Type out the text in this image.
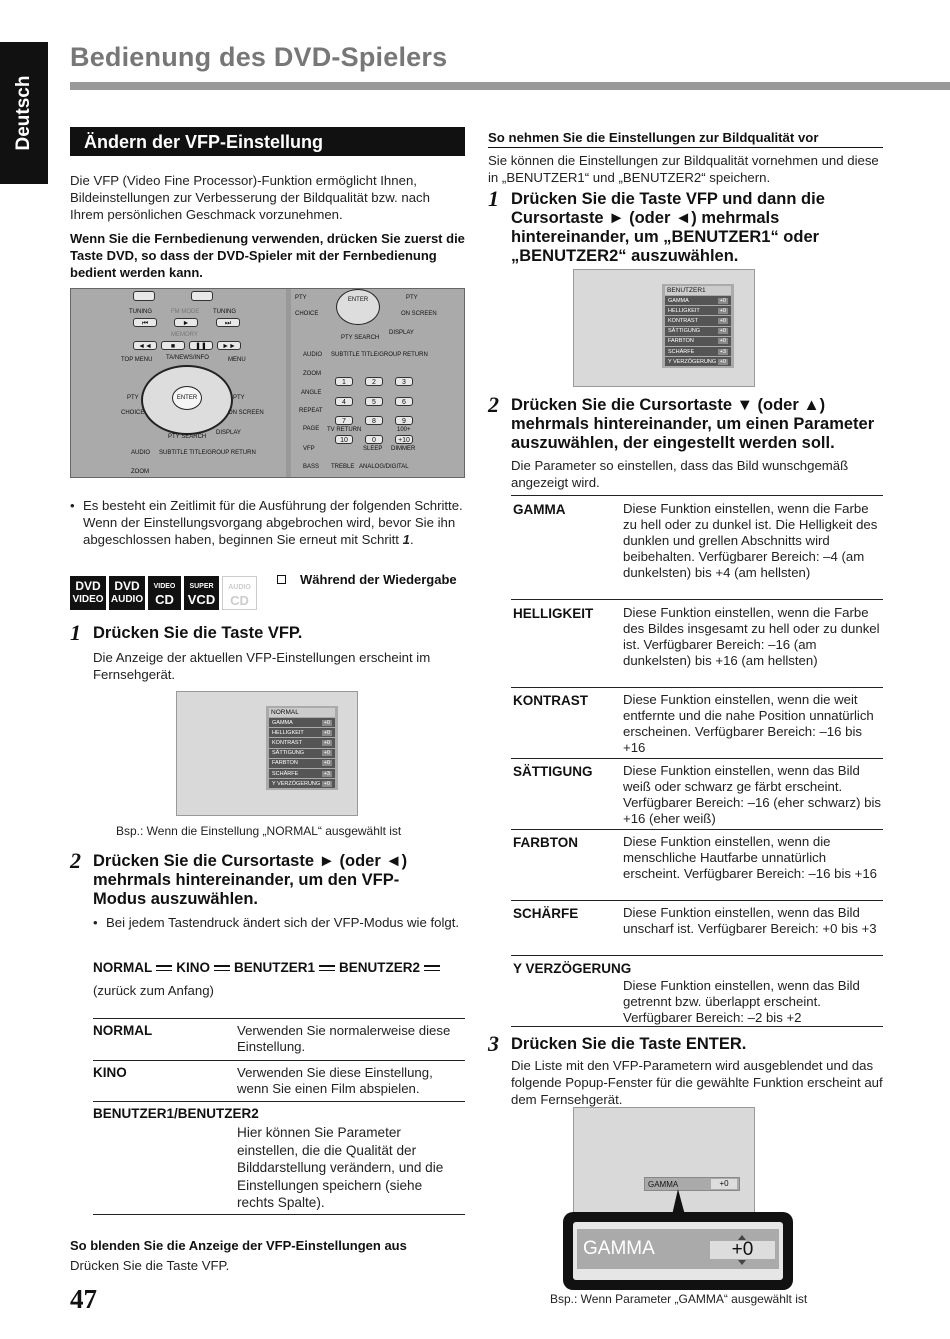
Deutsch
Bedienung des DVD-Spielers
Ändern der VFP-Einstellung
Die VFP (Video Fine Processor)-Funktion ermöglicht Ihnen, Bildeinstellungen zur Verbesserung der Bildqualität bzw. nach Ihrem persönlichen Geschmack vorzunehmen.
Wenn Sie die Fernbedienung verwenden, drücken Sie zuerst die Taste DVD, so dass der DVD-Spieler mit der Fernbedienung bedient werden kann.
TUNING	FM MODE TUNING
⏮	►	⏭
MEMORY
◄◄	■	❚❚	►►
TOP MENU TA/NEWS/INFO	MENU
ENTER
PTY	PTY
CHOICE	ON SCREEN
PTY SEARCH
DISPLAY
AUDIO SUBTITLE TITLE/GROUP RETURN
ZOOM
PTY	ENTER	PTY
CHOICE	ON SCREEN
PTY SEARCH
DISPLAY
AUDIO SUBTITLE TITLE/GROUP RETURN
ZOOM
ANGLE
REPEAT
PAGE
VFP
BASS
1	2	3
4	5	6
7	8	9
TV RETURN	100+
10	0	+10
SLEEP DIMMER
TREBLE ANALOG/DIGITAL
• Es besteht ein Zeitlimit für die Ausführung der folgenden Schritte. Wenn der Einstellungsvorgang abgebrochen wird, bevor Sie ihn abgeschlossen haben, beginnen Sie erneut mit Schritt 1.
DVD
VIDEO
DVD
AUDIO
VIDEO
CD
SUPER
VCD
AUDIO
CD
Während der Wiedergabe
1 Drücken Sie die Taste VFP.
Die Anzeige der aktuellen VFP-Einstellungen erscheint im Fernsehgerät.
NORMAL
GAMMA	+0
HELLIGKEIT	+0
KONTRAST	+0
SÄTTIGUNG	+0
FARBTON	+0
SCHÄRFE	+3
Y VERZÖGERUNG +0
Bsp.: Wenn die Einstellung „NORMAL“ ausgewählt ist
2 Drücken Sie die Cursortaste ► (oder ◄) mehrmals hintereinander, um den VFP-Modus auszuwählen.
• Bei jedem Tastendruck ändert sich der VFP-Modus wie folgt.
NORMAL KINO BENUTZER1 BENUTZER2
(zurück zum Anfang)
NORMAL	Verwenden Sie normalerweise diese Einstellung.
KINO	Verwenden Sie diese Einstellung, wenn Sie einen Film abspielen.
BENUTZER1/BENUTZER2
Hier können Sie Parameter einstellen, die die Qualität der Bilddarstellung verändern, und die Einstellungen speichern (siehe rechts Spalte).
So blenden Sie die Anzeige der VFP-Einstellungen aus
Drücken Sie die Taste VFP.
47
So nehmen Sie die Einstellungen zur Bildqualität vor
Sie können die Einstellungen zur Bildqualität vornehmen und diese in „BENUTZER1“ und „BENUTZER2“ speichern.
1 Drücken Sie die Taste VFP und dann die Cursortaste ► (oder ◄) mehrmals hintereinander, um „BENUTZER1“ oder „BENUTZER2“ auszuwählen.
BENUTZER1
GAMMA	+0
HELLIGKEIT	+0
KONTRAST	+0
SÄTTIGUNG	+0
FARBTON	+0
SCHÄRFE	+3
Y VERZÖGERUNG +0
2 Drücken Sie die Cursortaste ▼ (oder ▲) mehrmals hintereinander, um einen Parameter auszuwählen, der eingestellt werden soll.
Die Parameter so einstellen, dass das Bild wunschgemäß angezeigt wird.
GAMMA	Diese Funktion einstellen, wenn die Farbe zu hell oder zu dunkel ist. Die Helligkeit des dunklen und grellen Abschnitts wird beibehalten. Verfügbarer Bereich: –4 (am dunkelsten) bis +4 (am hellsten)
HELLIGKEIT Diese Funktion einstellen, wenn die Farbe des Bildes insgesamt zu hell oder zu dunkel ist. Verfügbarer Bereich: –16 (am dunkelsten) bis +16 (am hellsten)
KONTRAST	Diese Funktion einstellen, wenn die weit entfernte und die nahe Position unnatürlich erscheinen. Verfügbarer Bereich: –16 bis +16
SÄTTIGUNG Diese Funktion einstellen, wenn das Bild weiß oder schwarz ge färbt erscheint. Verfügbarer Bereich: –16 (eher schwarz) bis +16 (eher weiß)
FARBTON	Diese Funktion einstellen, wenn die menschliche Hautfarbe unnatürlich erscheint. Verfügbarer Bereich: –16 bis +16
SCHÄRFE	Diese Funktion einstellen, wenn das Bild unscharf ist. Verfügbarer Bereich: +0 bis +3
Y VERZÖGERUNG
Diese Funktion einstellen, wenn das Bild getrennt bzw. überlappt erscheint. Verfügbarer Bereich: –2 bis +2
3 Drücken Sie die Taste ENTER.
Die Liste mit den VFP-Parametern wird ausgeblendet und das folgende Popup-Fenster für die gewählte Funktion erscheint auf dem Fernsehgerät.
GAMMA	+0
GAMMA	+0
Bsp.: Wenn Parameter „GAMMA“ ausgewählt ist
